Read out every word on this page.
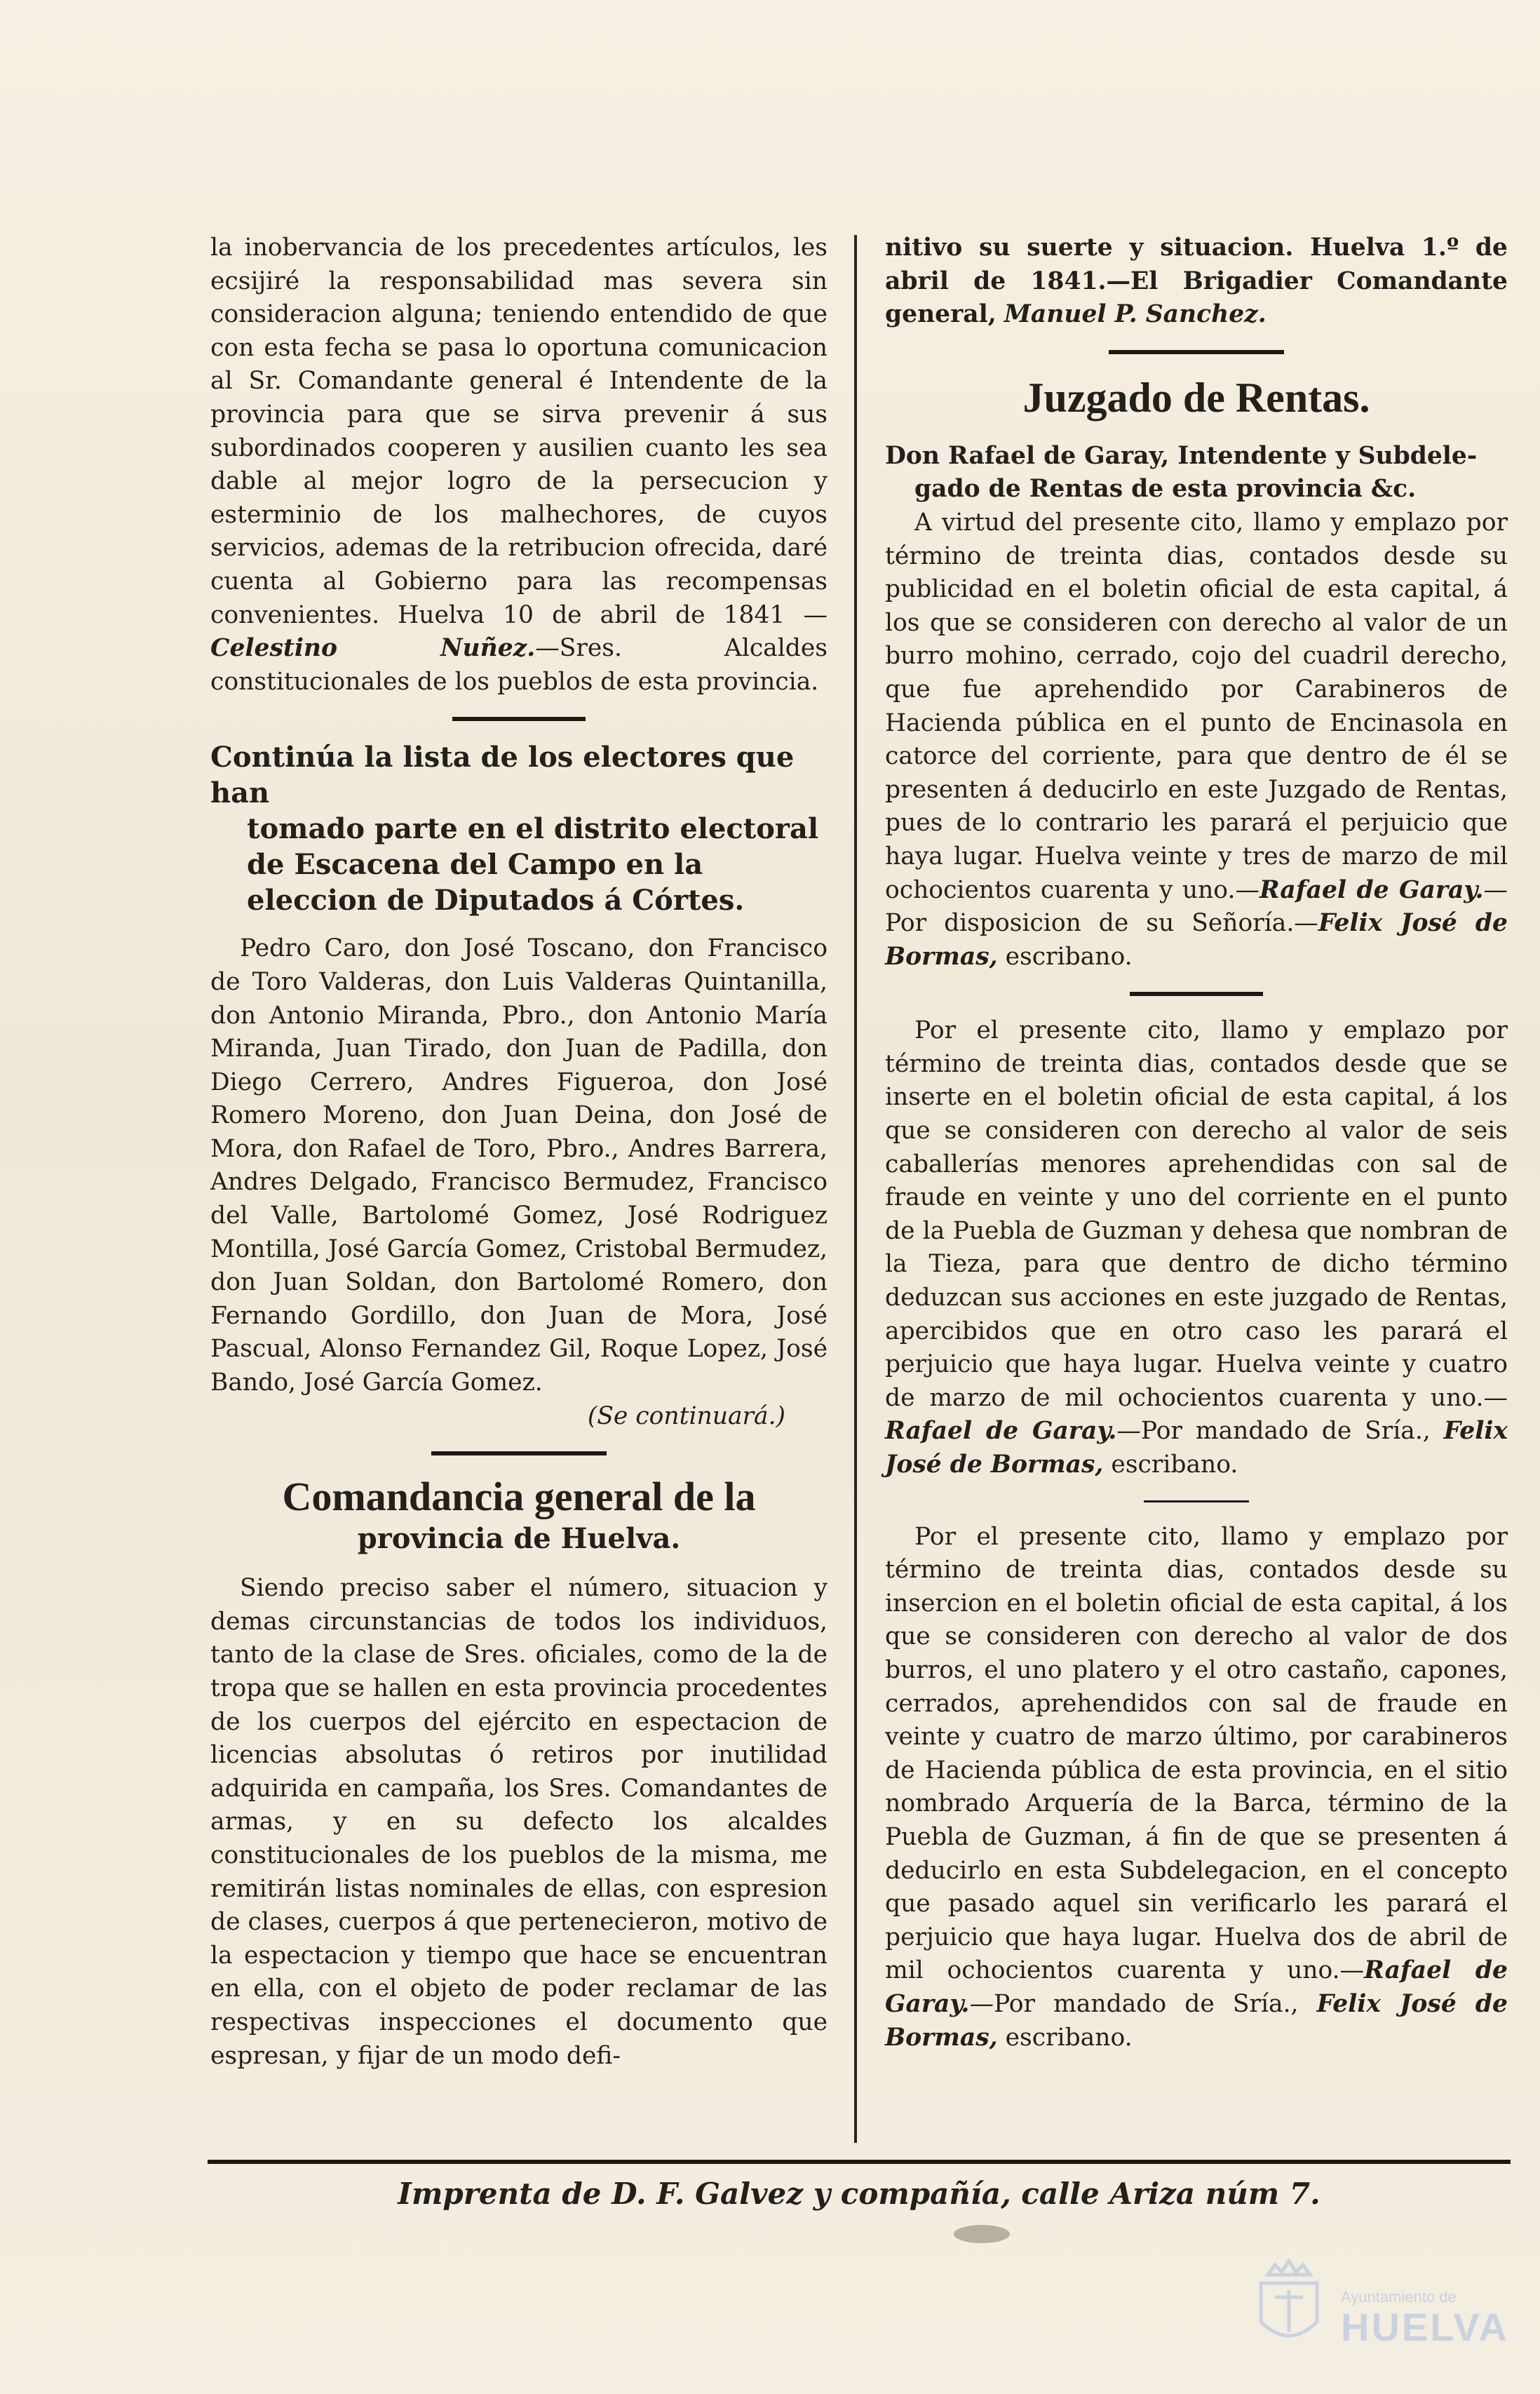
la inobervancia de los precedentes artículos, les ecsijiré la responsabilidad mas severa sin consideracion alguna; teniendo entendido de que con esta fecha se pasa lo oportuna comunicacion al Sr. Comandante general é Intendente de la provincia para que se sirva prevenir á sus subordinados cooperen y ausilien cuanto les sea dable al mejor logro de la persecucion y esterminio de los malhechores, de cuyos servicios, ademas de la retribucion ofrecida, daré cuenta al Gobierno para las recompensas convenientes. Huelva 10 de abril de 1841 —Celestino Nuñez.—Sres. Alcaldes constitucionales de los pueblos de esta provincia.

Continúa la lista de los electores que han
tomado parte en el distrito electoral de Escacena del Campo en la eleccion de Diputados á Córtes.

Pedro Caro, don José Toscano, don Francisco de Toro Valderas, don Luis Valderas Quintanilla, don Antonio Miranda, Pbro., don Antonio María Miranda, Juan Tirado, don Juan de Padilla, don Diego Cerrero, Andres Figueroa, don José Romero Moreno, don Juan Deina, don José de Mora, don Rafael de Toro, Pbro., Andres Barrera, Andres Delgado, Francisco Bermudez, Francisco del Valle, Bartolomé Gomez, José Rodriguez Montilla, José García Gomez, Cristobal Bermudez, don Juan Soldan, don Bartolomé Romero, don Fernando Gordillo, don Juan de Mora, José Pascual, Alonso Fernandez Gil, Roque Lopez, José Bando, José García Gomez.

(Se continuará.)

Comandancia general de la
provincia de Huelva.

Siendo preciso saber el número, situacion y demas circunstancias de todos los individuos, tanto de la clase de Sres. oficiales, como de la de tropa que se hallen en esta provincia procedentes de los cuerpos del ejército en espectacion de licencias absolutas ó retiros por inutilidad adquirida en campaña, los Sres. Comandantes de armas, y en su defecto los alcaldes constitucionales de los pueblos de la misma, me remitirán listas nominales de ellas, con espresion de clases, cuerpos á que pertenecieron, motivo de la espectacion y tiempo que hace se encuentran en ella, con el objeto de poder reclamar de las respectivas inspecciones el documento que espresan, y fijar de un modo defi-

nitivo su suerte y situacion. Huelva 1.º de abril de 1841.—El Brigadier Comandante general, Manuel P. Sanchez.

Juzgado de Rentas.
Don Rafael de Garay, Intendente y Subdele-
gado de Rentas de esta provincia &c.

A virtud del presente cito, llamo y emplazo por término de treinta dias, contados desde su publicidad en el boletin oficial de esta capital, á los que se consideren con derecho al valor de un burro mohino, cerrado, cojo del cuadril derecho, que fue aprehendido por Carabineros de Hacienda pública en el punto de Encinasola en catorce del corriente, para que dentro de él se presenten á deducirlo en este Juzgado de Rentas, pues de lo contrario les parará el perjuicio que haya lugar. Huelva veinte y tres de marzo de mil ochocientos cuarenta y uno.—Rafael de Garay.—Por disposicion de su Señoría.—Felix José de Bormas, escribano.

Por el presente cito, llamo y emplazo por término de treinta dias, contados desde que se inserte en el boletin oficial de esta capital, á los que se consideren con derecho al valor de seis caballerías menores aprehendidas con sal de fraude en veinte y uno del corriente en el punto de la Puebla de Guzman y dehesa que nombran de la Tieza, para que dentro de dicho término deduzcan sus acciones en este juzgado de Rentas, apercibidos que en otro caso les parará el perjuicio que haya lugar. Huelva veinte y cuatro de marzo de mil ochocientos cuarenta y uno.—Rafael de Garay.—Por mandado de Sría., Felix José de Bormas, escribano.

Por el presente cito, llamo y emplazo por término de treinta dias, contados desde su insercion en el boletin oficial de esta capital, á los que se consideren con derecho al valor de dos burros, el uno platero y el otro castaño, capones, cerrados, aprehendidos con sal de fraude en veinte y cuatro de marzo último, por carabineros de Hacienda pública de esta provincia, en el sitio nombrado Arquería de la Barca, término de la Puebla de Guzman, á fin de que se presenten á deducirlo en esta Subdelegacion, en el concepto que pasado aquel sin verificarlo les parará el perjuicio que haya lugar. Huelva dos de abril de mil ochocientos cuarenta y uno.—Rafael de Garay.—Por mandado de Sría., Felix José de Bormas, escribano.

Imprenta de D. F. Galvez y compañía, calle Ariza núm 7.
Ayuntamiento de
HUELVA
